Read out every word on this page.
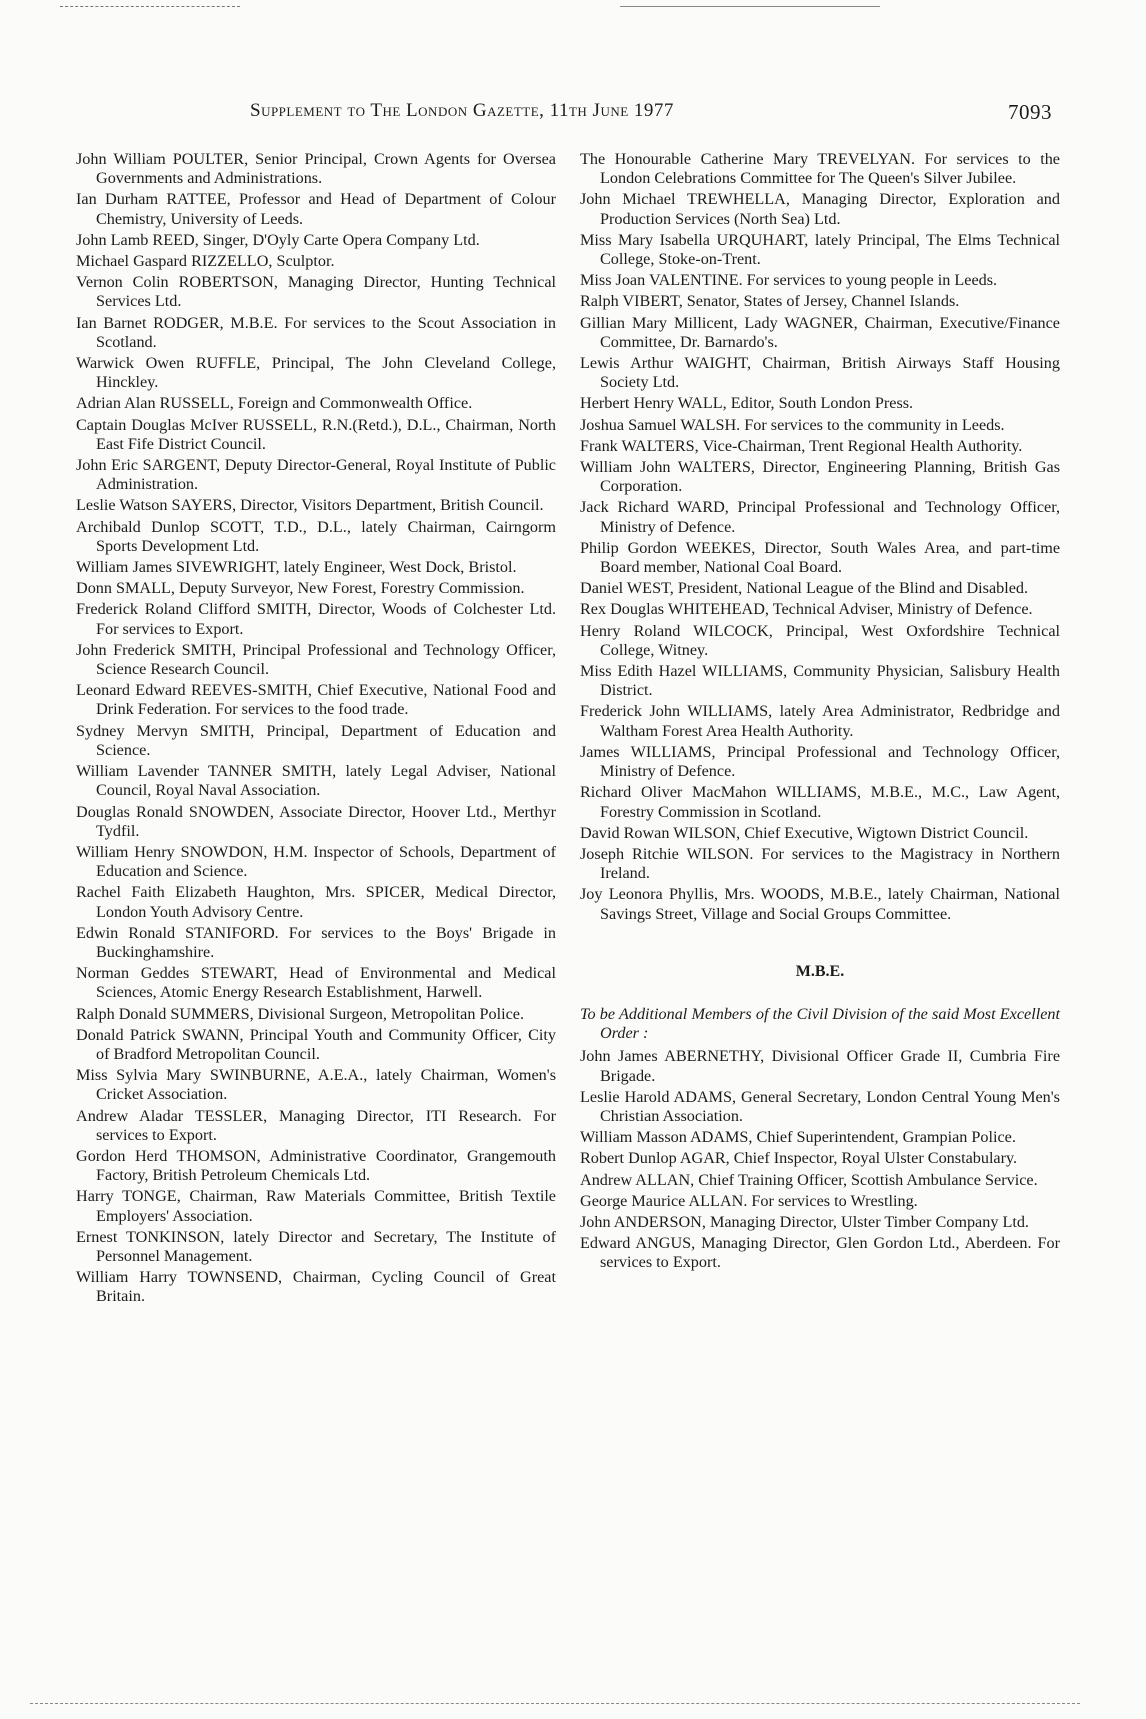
Supplement to The London Gazette, 11th June 1977	7093
John William POULTER, Senior Principal, Crown Agents for Oversea Governments and Administrations.
Ian Durham RATTEE, Professor and Head of Department of Colour Chemistry, University of Leeds.
John Lamb REED, Singer, D'Oyly Carte Opera Company Ltd.
Michael Gaspard RIZZELLO, Sculptor.
Vernon Colin ROBERTSON, Managing Director, Hunting Technical Services Ltd.
Ian Barnet RODGER, M.B.E. For services to the Scout Association in Scotland.
Warwick Owen RUFFLE, Principal, The John Cleveland College, Hinckley.
Adrian Alan RUSSELL, Foreign and Commonwealth Office.
Captain Douglas McIver RUSSELL, R.N.(Retd.), D.L., Chairman, North East Fife District Council.
John Eric SARGENT, Deputy Director-General, Royal Institute of Public Administration.
Leslie Watson SAYERS, Director, Visitors Department, British Council.
Archibald Dunlop SCOTT, T.D., D.L., lately Chairman, Cairngorm Sports Development Ltd.
William James SIVEWRIGHT, lately Engineer, West Dock, Bristol.
Donn SMALL, Deputy Surveyor, New Forest, Forestry Commission.
Frederick Roland Clifford SMITH, Director, Woods of Colchester Ltd. For services to Export.
John Frederick SMITH, Principal Professional and Technology Officer, Science Research Council.
Leonard Edward REEVES-SMITH, Chief Executive, National Food and Drink Federation. For services to the food trade.
Sydney Mervyn SMITH, Principal, Department of Education and Science.
William Lavender TANNER SMITH, lately Legal Adviser, National Council, Royal Naval Association.
Douglas Ronald SNOWDEN, Associate Director, Hoover Ltd., Merthyr Tydfil.
William Henry SNOWDON, H.M. Inspector of Schools, Department of Education and Science.
Rachel Faith Elizabeth Haughton, Mrs. SPICER, Medical Director, London Youth Advisory Centre.
Edwin Ronald STANIFORD. For services to the Boys' Brigade in Buckinghamshire.
Norman Geddes STEWART, Head of Environmental and Medical Sciences, Atomic Energy Research Establishment, Harwell.
Ralph Donald SUMMERS, Divisional Surgeon, Metropolitan Police.
Donald Patrick SWANN, Principal Youth and Community Officer, City of Bradford Metropolitan Council.
Miss Sylvia Mary SWINBURNE, A.E.A., lately Chairman, Women's Cricket Association.
Andrew Aladar TESSLER, Managing Director, ITI Research. For services to Export.
Gordon Herd THOMSON, Administrative Coordinator, Grangemouth Factory, British Petroleum Chemicals Ltd.
Harry TONGE, Chairman, Raw Materials Committee, British Textile Employers' Association.
Ernest TONKINSON, lately Director and Secretary, The Institute of Personnel Management.
William Harry TOWNSEND, Chairman, Cycling Council of Great Britain.
The Honourable Catherine Mary TREVELYAN. For services to the London Celebrations Committee for The Queen's Silver Jubilee.
John Michael TREWHELLA, Managing Director, Exploration and Production Services (North Sea) Ltd.
Miss Mary Isabella URQUHART, lately Principal, The Elms Technical College, Stoke-on-Trent.
Miss Joan VALENTINE. For services to young people in Leeds.
Ralph VIBERT, Senator, States of Jersey, Channel Islands.
Gillian Mary Millicent, Lady WAGNER, Chairman, Executive/Finance Committee, Dr. Barnardo's.
Lewis Arthur WAIGHT, Chairman, British Airways Staff Housing Society Ltd.
Herbert Henry WALL, Editor, South London Press.
Joshua Samuel WALSH. For services to the community in Leeds.
Frank WALTERS, Vice-Chairman, Trent Regional Health Authority.
William John WALTERS, Director, Engineering Planning, British Gas Corporation.
Jack Richard WARD, Principal Professional and Technology Officer, Ministry of Defence.
Philip Gordon WEEKES, Director, South Wales Area, and part-time Board member, National Coal Board.
Daniel WEST, President, National League of the Blind and Disabled.
Rex Douglas WHITEHEAD, Technical Adviser, Ministry of Defence.
Henry Roland WILCOCK, Principal, West Oxfordshire Technical College, Witney.
Miss Edith Hazel WILLIAMS, Community Physician, Salisbury Health District.
Frederick John WILLIAMS, lately Area Administrator, Redbridge and Waltham Forest Area Health Authority.
James WILLIAMS, Principal Professional and Technology Officer, Ministry of Defence.
Richard Oliver MacMahon WILLIAMS, M.B.E., M.C., Law Agent, Forestry Commission in Scotland.
David Rowan WILSON, Chief Executive, Wigtown District Council.
Joseph Ritchie WILSON. For services to the Magistracy in Northern Ireland.
Joy Leonora Phyllis, Mrs. WOODS, M.B.E., lately Chairman, National Savings Street, Village and Social Groups Committee.
M.B.E.
To be Additional Members of the Civil Division of the said Most Excellent Order :
John James ABERNETHY, Divisional Officer Grade II, Cumbria Fire Brigade.
Leslie Harold ADAMS, General Secretary, London Central Young Men's Christian Association.
William Masson ADAMS, Chief Superintendent, Grampian Police.
Robert Dunlop AGAR, Chief Inspector, Royal Ulster Constabulary.
Andrew ALLAN, Chief Training Officer, Scottish Ambulance Service.
George Maurice ALLAN. For services to Wrestling.
John ANDERSON, Managing Director, Ulster Timber Company Ltd.
Edward ANGUS, Managing Director, Glen Gordon Ltd., Aberdeen. For services to Export.
